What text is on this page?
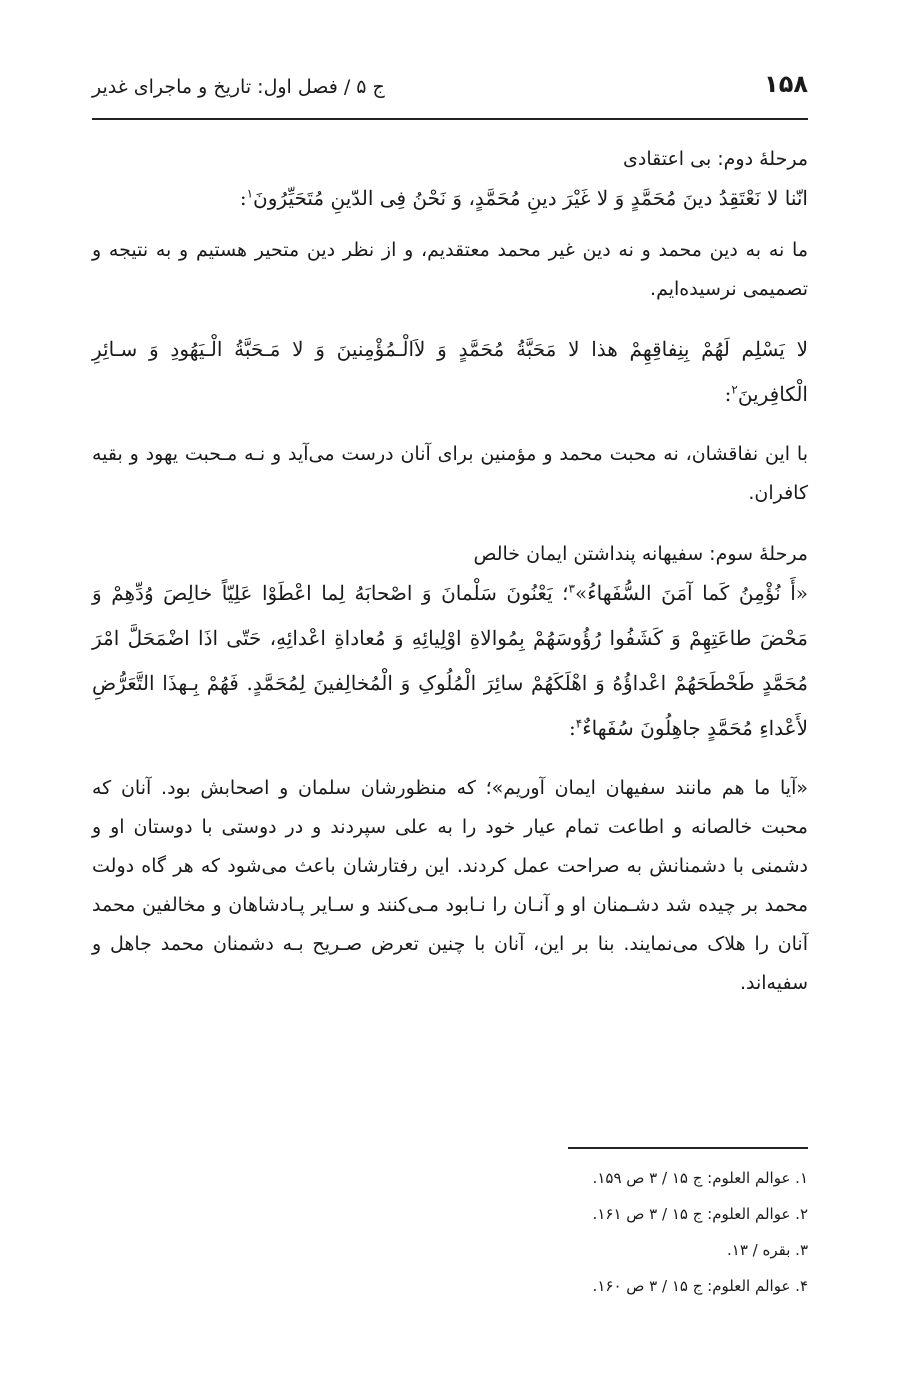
۱۵۸
ج ۵ / فصل اول: تاریخ و ماجرای غدیر

مرحلهٔ دوم: بی اعتقادی

انّنا لا نَعْتَقِدُ دینَ مُحَمَّدٍ وَ لا غَیْرَ دینِ مُحَمَّدٍ، وَ نَحْنُ فِی الدّینِ مُتَحَیِّرُونَ$^۱$:

ما نه به دین محمد و نه دین غیر محمد معتقدیم، و از نظر دین متحیر هستیم و به نتیجه و تصمیمی نرسیده‌ایم.

لا یَسْلِم لَهُمْ بِنِفاقِهِمْ هذا لا مَحَبَّةُ مُحَمَّدٍ وَ لاَالْـمُؤْمِنینَ وَ لا مَـحَبَّةُ الْـیَهُودِ وَ سـائِرِ الْکافِرینَ$^۲$:

با این نفاقشان، نه محبت محمد و مؤمنین برای آنان درست می‌آید و نـه مـحبت یهود و بقیه کافران.

مرحلهٔ سوم: سفیهانه پنداشتن ایمان خالص

«أَ نُؤْمِنُ کَما آمَنَ السُّفَهاءُ»$^۳$؛ یَعْنُونَ سَلْمانَ وَ اصْحابَهُ لِما اعْطَوْا عَلِیّاً خالِصَ وُدِّهِمْ وَ مَحْضَ طاعَتِهِمْ وَ کَشَفُوا رُؤُوسَهُمْ بِمُوالاةِ اوْلِیائِهِ وَ مُعاداةِ اعْدائِهِ، حَتّی اذَا اضْمَحَلَّ امْرَ مُحَمَّدٍ طَحْطَحَهُمْ اعْداؤُهُ وَ اهْلَکَهُمْ سائِرَ الْمُلُوکِ وَ الْمُخالِفینَ لِمُحَمَّدٍ. فَهُمْ بِـهذَا التَّعَرُّضِ لأَعْداءِ مُحَمَّدٍ جاهِلُونَ سُفَهاءٌ$^۴$:

«آیا ما هم مانند سفیهان ایمان آوریم»؛ که منظورشان سلمان و اصحابش بود. آنان که محبت خالصانه و اطاعت تمام عیار خود را به علی سپردند و در دوستی با دوستان او و دشمنی با دشمنانش به صراحت عمل کردند. این رفتارشان باعث می‌شود که هر گاه دولت محمد بر چیده شد دشـمنان او و آنـان را نـابود مـی‌کنند و سـایر پـادشاهان و مخالفین محمد آنان را هلاک می‌نمایند. بنا بر این، آنان با چنین تعرض صـریح بـه دشمنان محمد جاهل و سفیه‌اند.

۱. عوالم العلوم: ج ۱۵ / ۳ ص ۱۵۹.

۲. عوالم العلوم: ج ۱۵ / ۳ ص ۱۶۱.

۳. بقره / ۱۳.

۴. عوالم العلوم: ج ۱۵ / ۳ ص ۱۶۰.
